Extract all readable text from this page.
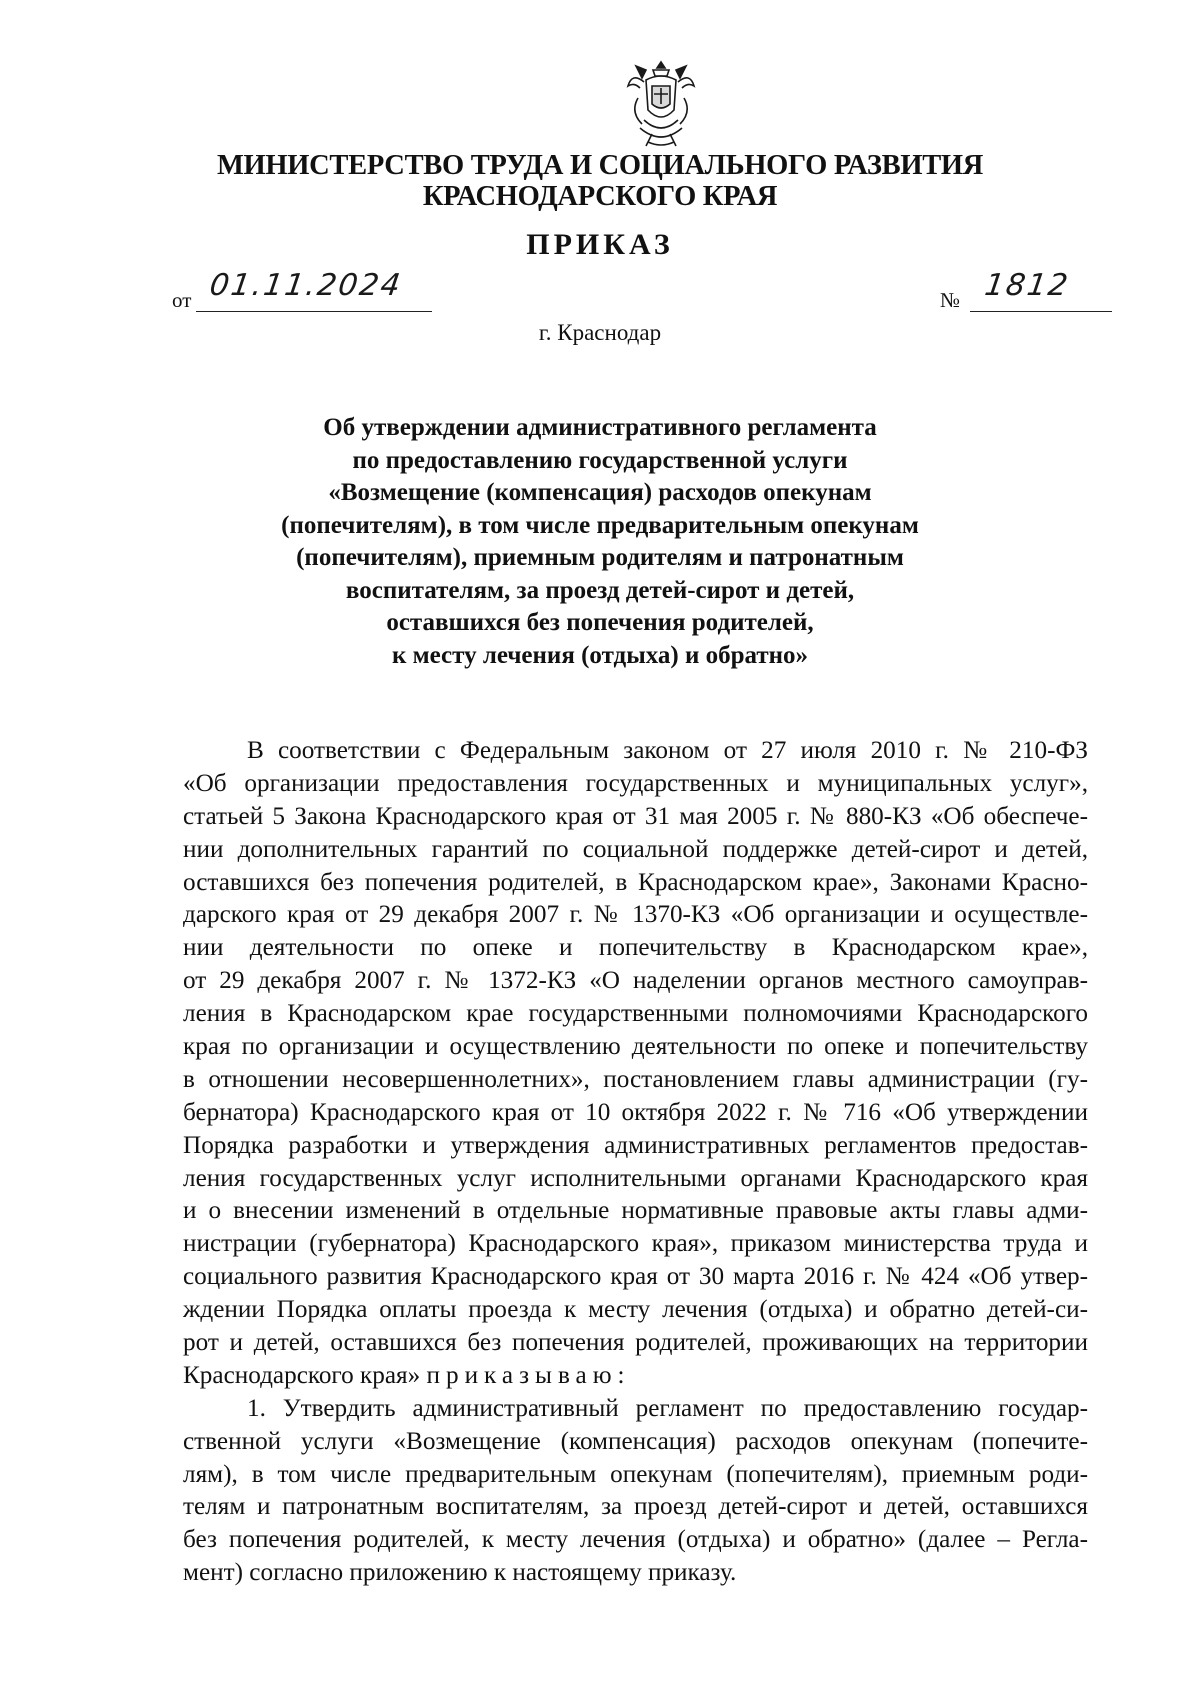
МИНИСТЕРСТВО ТРУДА И СОЦИАЛЬНОГО РАЗВИТИЯ
КРАСНОДАРСКОГО КРАЯ
ПРИКАЗ
от 01.11.2024	№ 1812
г. Краснодар
Об утверждении административного регламента
по предоставлению государственной услуги
«Возмещение (компенсация) расходов опекунам
(попечителям), в том числе предварительным опекунам
(попечителям), приемным родителям и патронатным
воспитателям, за проезд детей-сирот и детей,
оставшихся без попечения родителей,
к месту лечения (отдыха) и обратно»
В соответствии с Федеральным законом от 27 июля 2010 г. № 210-ФЗ
«Об организации предоставления государственных и муниципальных услуг»,
статьей 5 Закона Краснодарского края от 31 мая 2005 г. № 880-КЗ «Об обеспече-
нии дополнительных гарантий по социальной поддержке детей-сирот и детей,
оставшихся без попечения родителей, в Краснодарском крае», Законами Красно-
дарского края от 29 декабря 2007 г. № 1370-КЗ «Об организации и осуществле-
нии деятельности по опеке и попечительству в Краснодарском крае»,
от 29 декабря 2007 г. № 1372-КЗ «О наделении органов местного самоуправ-
ления в Краснодарском крае государственными полномочиями Краснодарского
края по организации и осуществлению деятельности по опеке и попечительству
в отношении несовершеннолетних», постановлением главы администрации (гу-
бернатора) Краснодарского края от 10 октября 2022 г. № 716 «Об утверждении
Порядка разработки и утверждения административных регламентов предостав-
ления государственных услуг исполнительными органами Краснодарского края
и о внесении изменений в отдельные нормативные правовые акты главы адми-
нистрации (губернатора) Краснодарского края», приказом министерства труда и
социального развития Краснодарского края от 30 марта 2016 г. № 424 «Об утвер-
ждении Порядка оплаты проезда к месту лечения (отдыха) и обратно детей-си-
рот и детей, оставшихся без попечения родителей, проживающих на территории
Краснодарского края» приказываю:
1. Утвердить административный регламент по предоставлению государ-
ственной услуги «Возмещение (компенсация) расходов опекунам (попечите-
лям), в том числе предварительным опекунам (попечителям), приемным роди-
телям и патронатным воспитателям, за проезд детей-сирот и детей, оставшихся
без попечения родителей, к месту лечения (отдыха) и обратно» (далее – Регла-
мент) согласно приложению к настоящему приказу.
